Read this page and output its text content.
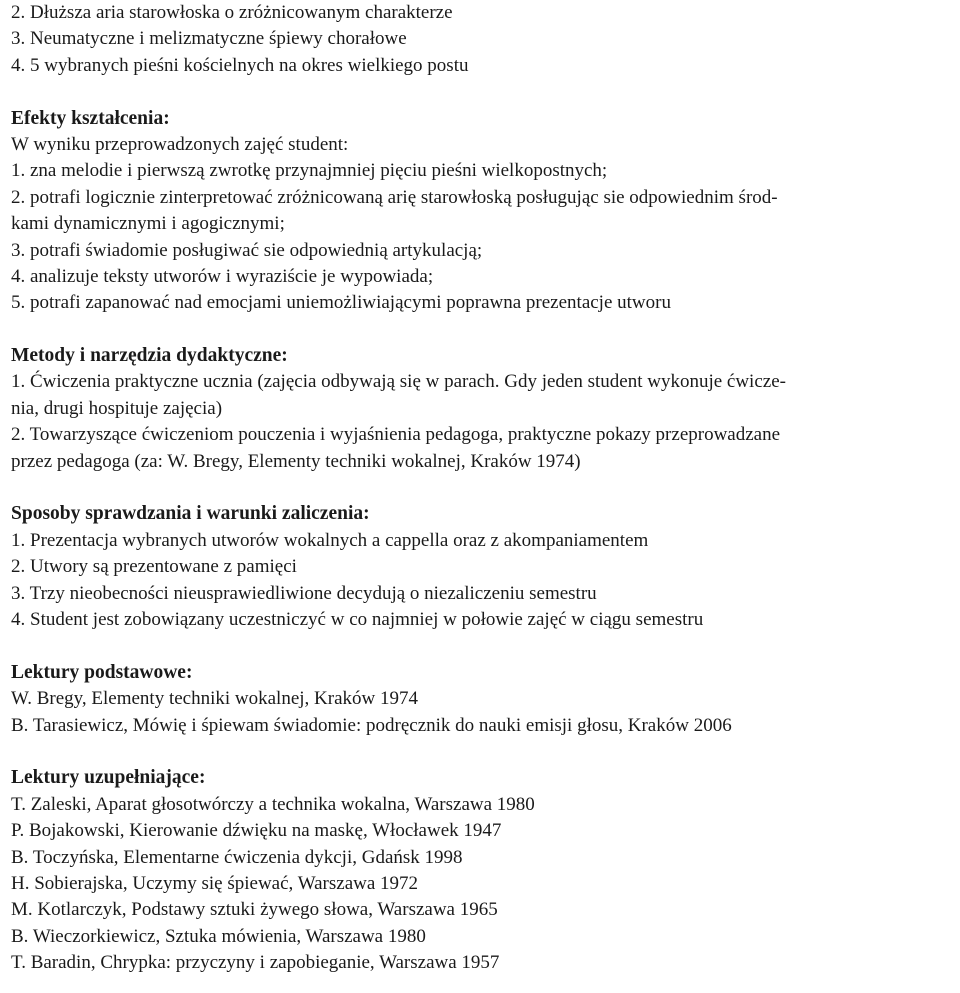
2. Dłuższa aria starowłoska o zróżnicowanym charakterze
3. Neumatyczne i melizmatyczne śpiewy chorałowe
4. 5 wybranych pieśni kościelnych na okres wielkiego postu
Efekty kształcenia:
W wyniku przeprowadzonych zajęć student:
1. zna melodie i pierwszą zwrotkę przynajmniej pięciu pieśni wielkopostnych;
2. potrafi logicznie zinterpretować zróżnicowaną arię starowłoską posługując sie odpowiednim środ-
kami dynamicznymi i agogicznymi;
3. potrafi świadomie posługiwać sie odpowiednią artykulacją;
4. analizuje teksty utworów i wyraziście je wypowiada;
5. potrafi zapanować nad emocjami uniemożliwiającymi poprawna prezentacje utworu
Metody i narzędzia dydaktyczne:
1. Ćwiczenia praktyczne ucznia (zajęcia odbywają się w parach. Gdy jeden student wykonuje ćwicze-
nia, drugi hospituje zajęcia)
2. Towarzyszące ćwiczeniom pouczenia i wyjaśnienia pedagoga, praktyczne pokazy przeprowadzane
przez pedagoga (za: W. Bregy, Elementy techniki wokalnej, Kraków 1974)
Sposoby sprawdzania i warunki zaliczenia:
1. Prezentacja wybranych utworów wokalnych a cappella oraz z akompaniamentem
2. Utwory są prezentowane z pamięci
3. Trzy nieobecności nieusprawiedliwione decydują o niezaliczeniu semestru
4. Student jest zobowiązany uczestniczyć w co najmniej w połowie zajęć w ciągu semestru
Lektury podstawowe:
W. Bregy, Elementy techniki wokalnej, Kraków 1974
B. Tarasiewicz, Mówię i śpiewam świadomie: podręcznik do nauki emisji głosu, Kraków 2006
Lektury uzupełniające:
T. Zaleski, Aparat głosotwórczy a technika wokalna, Warszawa 1980
P. Bojakowski, Kierowanie dźwięku na maskę, Włocławek 1947
B. Toczyńska, Elementarne ćwiczenia dykcji, Gdańsk 1998
H. Sobierajska, Uczymy się śpiewać, Warszawa 1972
M. Kotlarczyk, Podstawy sztuki żywego słowa, Warszawa 1965
B. Wieczorkiewicz, Sztuka mówienia, Warszawa 1980
T. Baradin, Chrypka: przyczyny i zapobieganie, Warszawa 1957
